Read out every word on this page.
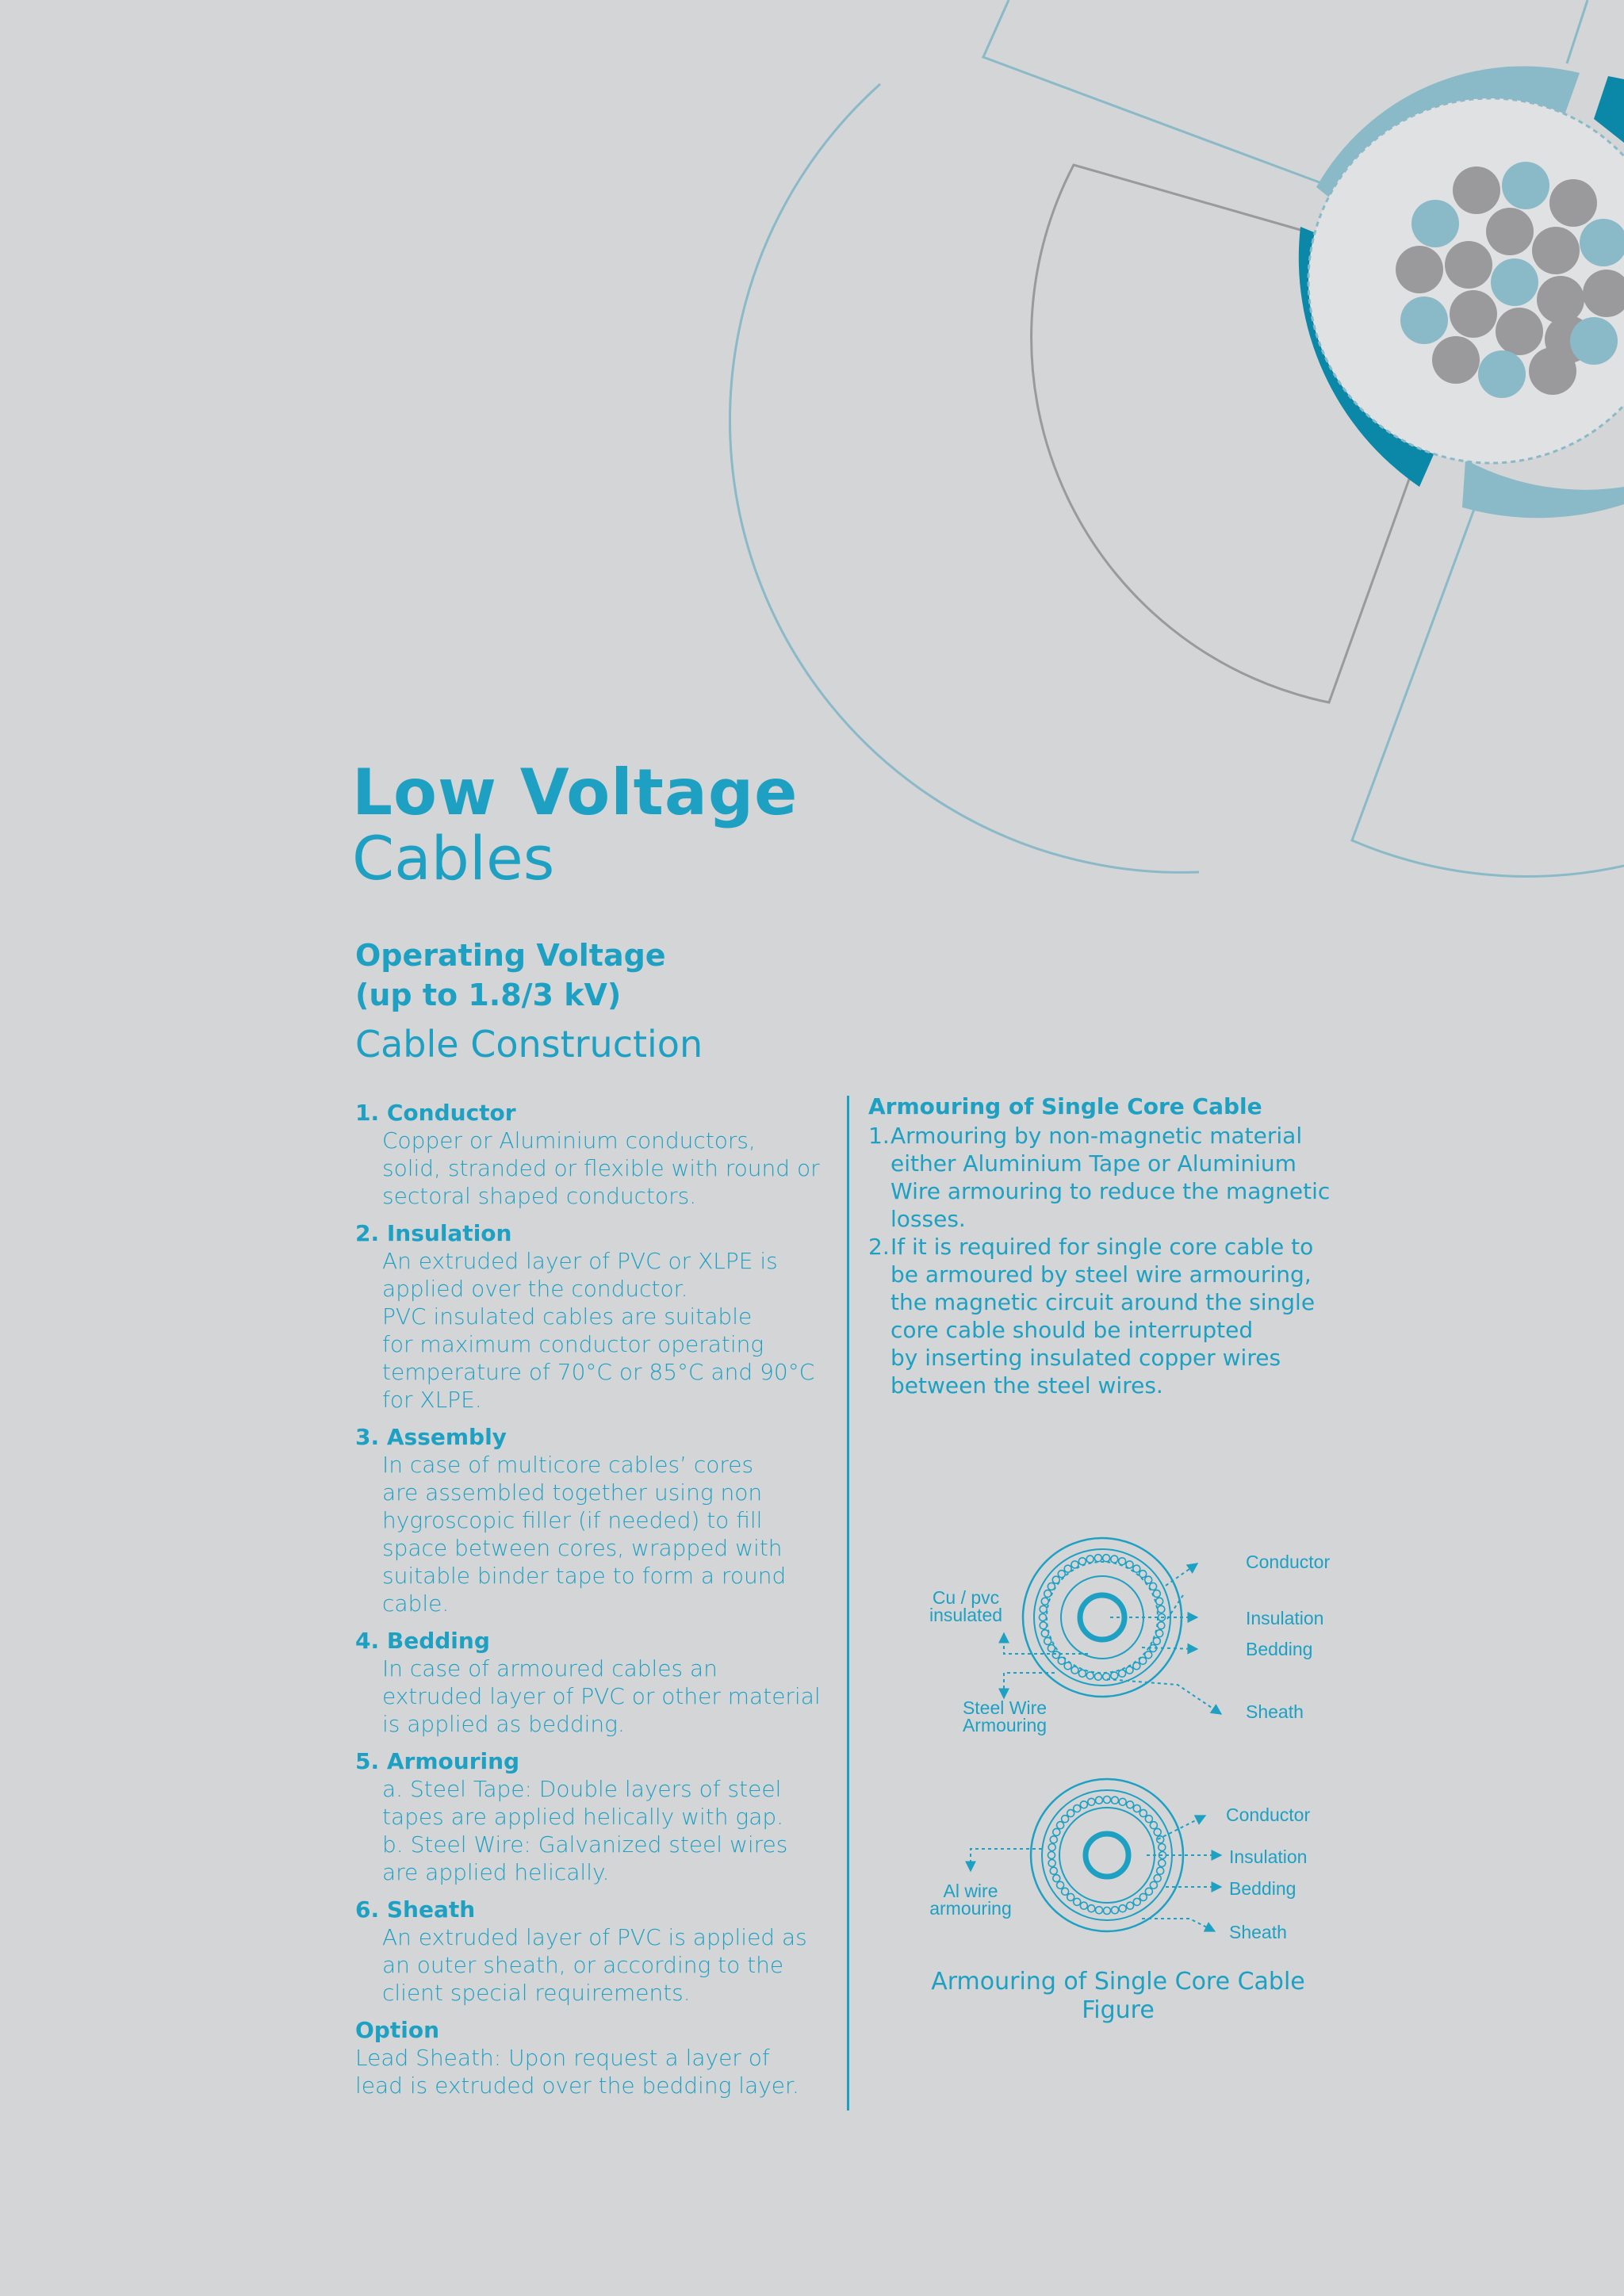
Low Voltage
Cables
Operating Voltage
(up to 1.8/3 kV)
Cable Construction
1. Conductor
Copper or Aluminium conductors,
solid, stranded or flexible with round or
sectoral shaped conductors.
2. Insulation
An extruded layer of PVC or XLPE is
applied over the conductor.
PVC insulated cables are suitable
for maximum conductor operating
temperature of 70°C or 85°C and 90°C
for XLPE.
3. Assembly
In case of multicore cables’ cores
are assembled together using non
hygroscopic filler (if needed) to fill
space between cores, wrapped with
suitable binder tape to form a round
cable.
4. Bedding
In case of armoured cables an
extruded layer of PVC or other material
is applied as bedding.
5. Armouring
a. Steel Tape: Double layers of steel
tapes are applied helically with gap.
b. Steel Wire: Galvanized steel wires
are applied helically.
6. Sheath
An extruded layer of PVC is applied as
an outer sheath, or according to the
client special requirements.
Option
Lead Sheath: Upon request a layer of
lead is extruded over the bedding layer.
Armouring of Single Core Cable
1. Armouring by non-magnetic material
either Aluminium Tape or Aluminium
Wire armouring to reduce the magnetic
losses.
2. If it is required for single core cable to
be armoured by steel wire armouring,
the magnetic circuit around the single
core cable should be interrupted
by inserting insulated copper wires
between the steel wires.
Conductor
Insulation
Bedding
Sheath
Cu / pvc
insulated
Steel Wire
Armouring
Conductor
Insulation
Bedding
Sheath
Al wire
armouring
Armouring of Single Core Cable
Figure
